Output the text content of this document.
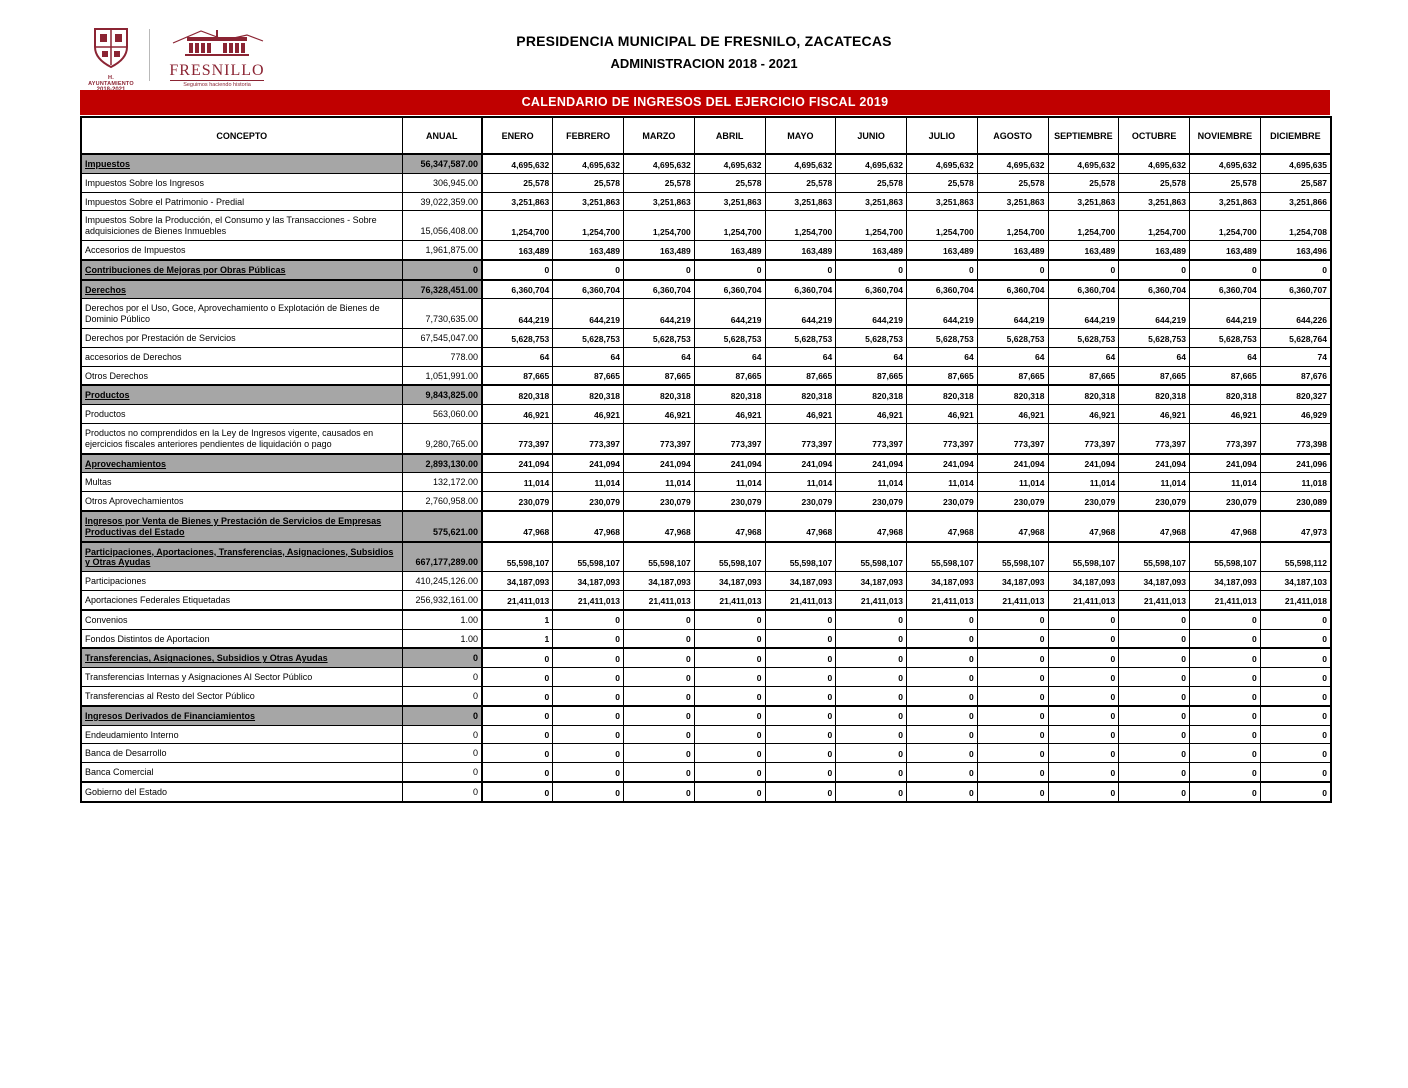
H. AYUNTAMIENTO
FRESNILLO
Seguimos haciendo historia
PRESIDENCIA MUNICIPAL DE FRESNILO, ZACATECAS
ADMINISTRACION 2018 - 2021
CALENDARIO DE INGRESOS DEL EJERCICIO FISCAL 2019
CONCEPTO	ANUAL	ENERO	FEBRERO	MARZO	ABRIL	MAYO	JUNIO	JULIO	AGOSTO	SEPTIEMBRE	OCTUBRE	NOVIEMBRE	DICIEMBRE
Impuestos	56,347,587.00	4,695,632	4,695,632	4,695,632	4,695,632	4,695,632	4,695,632	4,695,632	4,695,632	4,695,632	4,695,632	4,695,632	4,695,635
Impuestos Sobre los Ingresos	306,945.00	25,578	25,578	25,578	25,578	25,578	25,578	25,578	25,578	25,578	25,578	25,578	25,587
Impuestos Sobre el Patrimonio - Predial	39,022,359.00	3,251,863	3,251,863	3,251,863	3,251,863	3,251,863	3,251,863	3,251,863	3,251,863	3,251,863	3,251,863	3,251,863	3,251,866
Impuestos Sobre la Producción, el Consumo y las Transacciones - Sobre adquisiciones de Bienes Inmuebles	15,056,408.00	1,254,700	1,254,700	1,254,700	1,254,700	1,254,700	1,254,700	1,254,700	1,254,700	1,254,700	1,254,700	1,254,700	1,254,708
Accesorios de Impuestos	1,961,875.00	163,489	163,489	163,489	163,489	163,489	163,489	163,489	163,489	163,489	163,489	163,489	163,496
Contribuciones de Mejoras por Obras Públicas	0	0	0	0	0	0	0	0	0	0	0	0	0
Derechos	76,328,451.00	6,360,704	6,360,704	6,360,704	6,360,704	6,360,704	6,360,704	6,360,704	6,360,704	6,360,704	6,360,704	6,360,704	6,360,707
Derechos por el Uso, Goce, Aprovechamiento o Explotación de Bienes de Dominio Público	7,730,635.00	644,219	644,219	644,219	644,219	644,219	644,219	644,219	644,219	644,219	644,219	644,219	644,226
Derechos por Prestación de Servicios	67,545,047.00	5,628,753	5,628,753	5,628,753	5,628,753	5,628,753	5,628,753	5,628,753	5,628,753	5,628,753	5,628,753	5,628,753	5,628,764
accesorios de Derechos	778.00	64	64	64	64	64	64	64	64	64	64	64	74
Otros Derechos	1,051,991.00	87,665	87,665	87,665	87,665	87,665	87,665	87,665	87,665	87,665	87,665	87,665	87,676
Productos	9,843,825.00	820,318	820,318	820,318	820,318	820,318	820,318	820,318	820,318	820,318	820,318	820,318	820,327
Productos	563,060.00	46,921	46,921	46,921	46,921	46,921	46,921	46,921	46,921	46,921	46,921	46,921	46,929
Productos no comprendidos en la Ley de Ingresos vigente, causados en ejercicios fiscales anteriores pendientes de liquidación o pago	9,280,765.00	773,397	773,397	773,397	773,397	773,397	773,397	773,397	773,397	773,397	773,397	773,397	773,398
Aprovechamientos	2,893,130.00	241,094	241,094	241,094	241,094	241,094	241,094	241,094	241,094	241,094	241,094	241,094	241,096
Multas	132,172.00	11,014	11,014	11,014	11,014	11,014	11,014	11,014	11,014	11,014	11,014	11,014	11,018
Otros Aprovechamientos	2,760,958.00	230,079	230,079	230,079	230,079	230,079	230,079	230,079	230,079	230,079	230,079	230,079	230,089
Ingresos por Venta de Bienes y Prestación de Servicios de Empresas Productivas del Estado	575,621.00	47,968	47,968	47,968	47,968	47,968	47,968	47,968	47,968	47,968	47,968	47,968	47,973
Participaciones, Aportaciones, Transferencias, Asignaciones, Subsidios y Otras Ayudas	667,177,289.00	55,598,107	55,598,107	55,598,107	55,598,107	55,598,107	55,598,107	55,598,107	55,598,107	55,598,107	55,598,107	55,598,107	55,598,112
Participaciones	410,245,126.00	34,187,093	34,187,093	34,187,093	34,187,093	34,187,093	34,187,093	34,187,093	34,187,093	34,187,093	34,187,093	34,187,093	34,187,103
Aportaciones Federales Etiquetadas	256,932,161.00	21,411,013	21,411,013	21,411,013	21,411,013	21,411,013	21,411,013	21,411,013	21,411,013	21,411,013	21,411,013	21,411,013	21,411,018
Convenios	1.00	1	0	0	0	0	0	0	0	0	0	0	0
Fondos Distintos de Aportacion	1.00	1	0	0	0	0	0	0	0	0	0	0	0
Transferencias, Asignaciones, Subsidios y Otras Ayudas	0	0	0	0	0	0	0	0	0	0	0	0	0
Transferencias Internas y Asignaciones Al Sector Público	0	0	0	0	0	0	0	0	0	0	0	0	0
Transferencias al Resto del Sector Público	0	0	0	0	0	0	0	0	0	0	0	0	0
Ingresos Derivados de Financiamientos	0	0	0	0	0	0	0	0	0	0	0	0	0
Endeudamiento Interno	0	0	0	0	0	0	0	0	0	0	0	0	0
Banca de Desarrollo	0	0	0	0	0	0	0	0	0	0	0	0	0
Banca Comercial	0	0	0	0	0	0	0	0	0	0	0	0	0
Gobierno del Estado	0	0	0	0	0	0	0	0	0	0	0	0	0
